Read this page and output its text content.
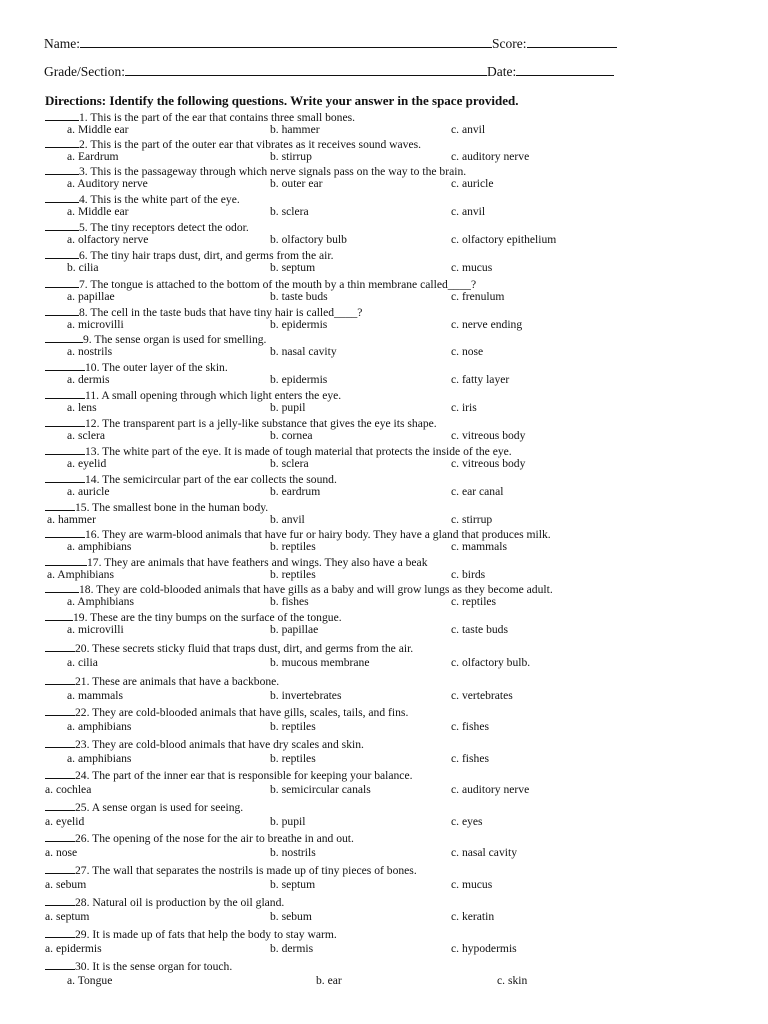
Name:	Score:
Grade/Section:	Date:
Directions: Identify the following questions. Write your answer in the space provided.
1. This is the part of the ear that contains three small bones.
a. Middle ear	b. hammer	c. anvil
2. This is the part of the outer ear that vibrates as it receives sound waves.
a. Eardrum	b. stirrup	c. auditory nerve
3. This is the passageway through which nerve signals pass on the way to the brain.
a. Auditory nerve	b. outer ear	c. auricle
4. This is the white part of the eye.
a. Middle ear	b. sclera	c. anvil
5. The tiny receptors detect the odor.
a. olfactory nerve	b. olfactory bulb	c. olfactory epithelium
6. The tiny hair traps dust, dirt, and germs from the air.
b. cilia	b. septum	c. mucus
7. The tongue is attached to the bottom of the mouth by a thin membrane called____?
a. papillae	b. taste buds	c. frenulum
8. The cell in the taste buds that have tiny hair is called____?
a. microvilli	b. epidermis	c. nerve ending
9. The sense organ is used for smelling.
a. nostrils	b. nasal cavity	c. nose
10. The outer layer of the skin.
a. dermis	b. epidermis	c. fatty layer
11. A small opening through which light enters the eye.
a. lens	b. pupil	c. iris
12. The transparent part is a jelly-like substance that gives the eye its shape.
a. sclera	b. cornea	c. vitreous body
13. The white part of the eye. It is made of tough material that protects the inside of the eye.
a. eyelid	b. sclera	c. vitreous body
14. The semicircular part of the ear collects the sound.
a. auricle	b. eardrum	c. ear canal
15. The smallest bone in the human body.
a. hammer	b. anvil	c. stirrup
16. They are warm-blood animals that have fur or hairy body. They have a gland that produces milk.
a. amphibians	b. reptiles	c. mammals
17. They are animals that have feathers and wings. They also have a beak
a. Amphibians	b. reptiles	c. birds
18. They are cold-blooded animals that have gills as a baby and will grow lungs as they become adult.
a. Amphibians	b. fishes	c. reptiles
19. These are the tiny bumps on the surface of the tongue.
a. microvilli	b. papillae	c. taste buds
20. These secrets sticky fluid that traps dust, dirt, and germs from the air.
a. cilia	b. mucous membrane	c. olfactory bulb.
21. These are animals that have a backbone.
a. mammals	b. invertebrates	c. vertebrates
22. They are cold-blooded animals that have gills, scales, tails, and fins.
a. amphibians	b. reptiles	c. fishes
23. They are cold-blood animals that have dry scales and skin.
a. amphibians	b. reptiles	c. fishes
24. The part of the inner ear that is responsible for keeping your balance.
a. cochlea	b. semicircular canals	c. auditory nerve
25. A sense organ is used for seeing.
a. eyelid	b. pupil	c. eyes
26. The opening of the nose for the air to breathe in and out.
a. nose	b. nostrils	c. nasal cavity
27. The wall that separates the nostrils is made up of tiny pieces of bones.
a. sebum	b. septum	c. mucus
28. Natural oil is production by the oil gland.
a. septum	b. sebum	c. keratin
29. It is made up of fats that help the body to stay warm.
a. epidermis	b. dermis	c. hypodermis
30. It is the sense organ for touch.
a. Tongue	b. ear	c. skin
